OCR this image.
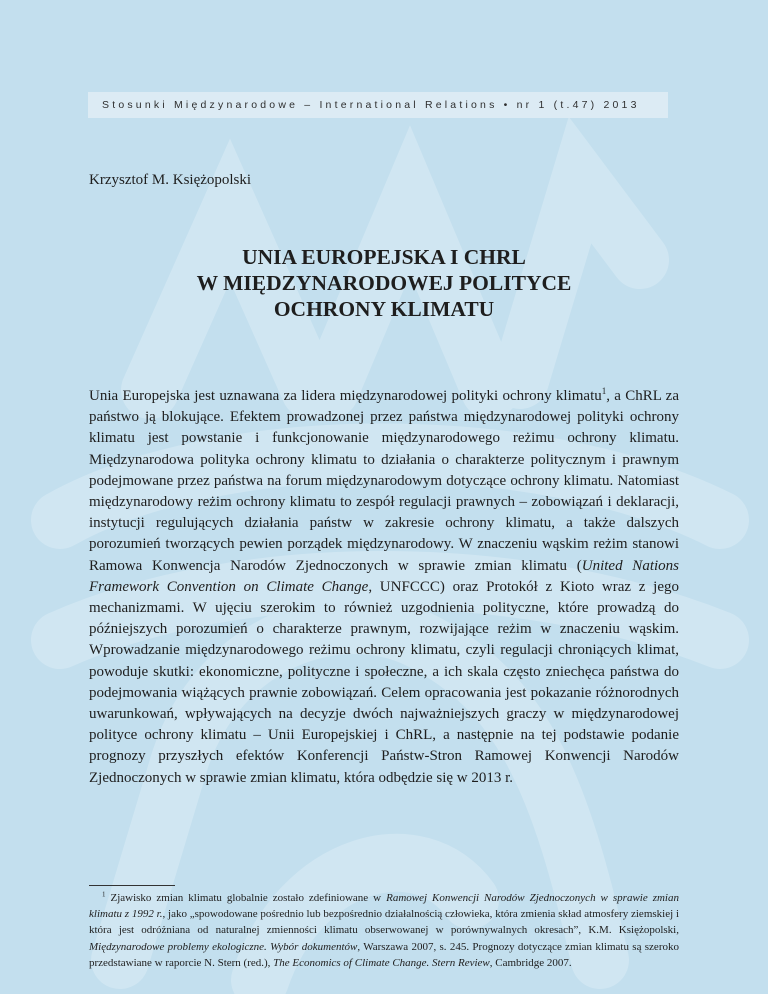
Stosunki Międzynarodowe – International Relations • nr 1 (t.47) 2013
Krzysztof M. Księżopolski
UNIA EUROPEJSKA I CHRL
W MIĘDZYNARODOWEJ POLITYCE
OCHRONY KLIMATU

Unia Europejska jest uznawana za lidera międzynarodowej polityki ochrony klimatu$^1$, a ChRL za państwo ją blokujące. Efektem prowadzonej przez państwa międzynarodowej polityki ochrony klimatu jest powstanie i funkcjonowanie międzynarodowego reżimu ochrony klimatu. Międzynarodowa polityka ochrony klimatu to działania o charakterze politycznym i prawnym podejmowane przez państwa na forum międzynarodowym dotyczące ochrony klimatu. Natomiast międzynarodowy reżim ochrony klimatu to zespół regulacji prawnych – zobowiązań i deklaracji, instytucji regulujących działania państw w zakresie ochrony klimatu, a także dalszych porozumień tworzących pewien porządek międzynarodowy. W znaczeniu wąskim reżim stanowi Ramowa Konwencja Narodów Zjednoczonych w sprawie zmian klimatu (United Nations Framework Convention on Climate Change, UNFCCC) oraz Protokół z Kioto wraz z jego mechanizmami. W ujęciu szerokim to również uzgodnienia polityczne, które prowadzą do późniejszych porozumień o charakterze prawnym, rozwijające reżim w znaczeniu wąskim. Wprowadzanie międzynarodowego reżimu ochrony klimatu, czyli regulacji chroniących klimat, powoduje skutki: ekonomiczne, polityczne i społeczne, a ich skala często zniechęca państwa do podejmowania wiążących prawnie zobowiązań. Celem opracowania jest pokazanie różnorodnych uwarunkowań, wpływających na decyzje dwóch najważniejszych graczy w międzynarodowej polityce ochrony klimatu – Unii Europejskiej i ChRL, a następnie na tej podstawie podanie prognozy przyszłych efektów Konferencji Państw-Stron Ramowej Konwencji Narodów Zjednoczonych w sprawie zmian klimatu, która odbędzie się w 2013 r.

$^1$ Zjawisko zmian klimatu globalnie zostało zdefiniowane w Ramowej Konwencji Narodów Zjednoczonych w sprawie zmian klimatu z 1992 r., jako „spowodowane pośrednio lub bezpośrednio działalnością człowieka, która zmienia skład atmosfery ziemskiej i która jest odróżniana od naturalnej zmienności klimatu obserwowanej w porównywalnych okresach”, K.M. Księżopolski, Międzynarodowe problemy ekologiczne. Wybór dokumentów, Warszawa 2007, s. 245. Prognozy dotyczące zmian klimatu są szeroko przedstawiane w raporcie N. Stern (red.), The Economics of Climate Change. Stern Review, Cambridge 2007.
